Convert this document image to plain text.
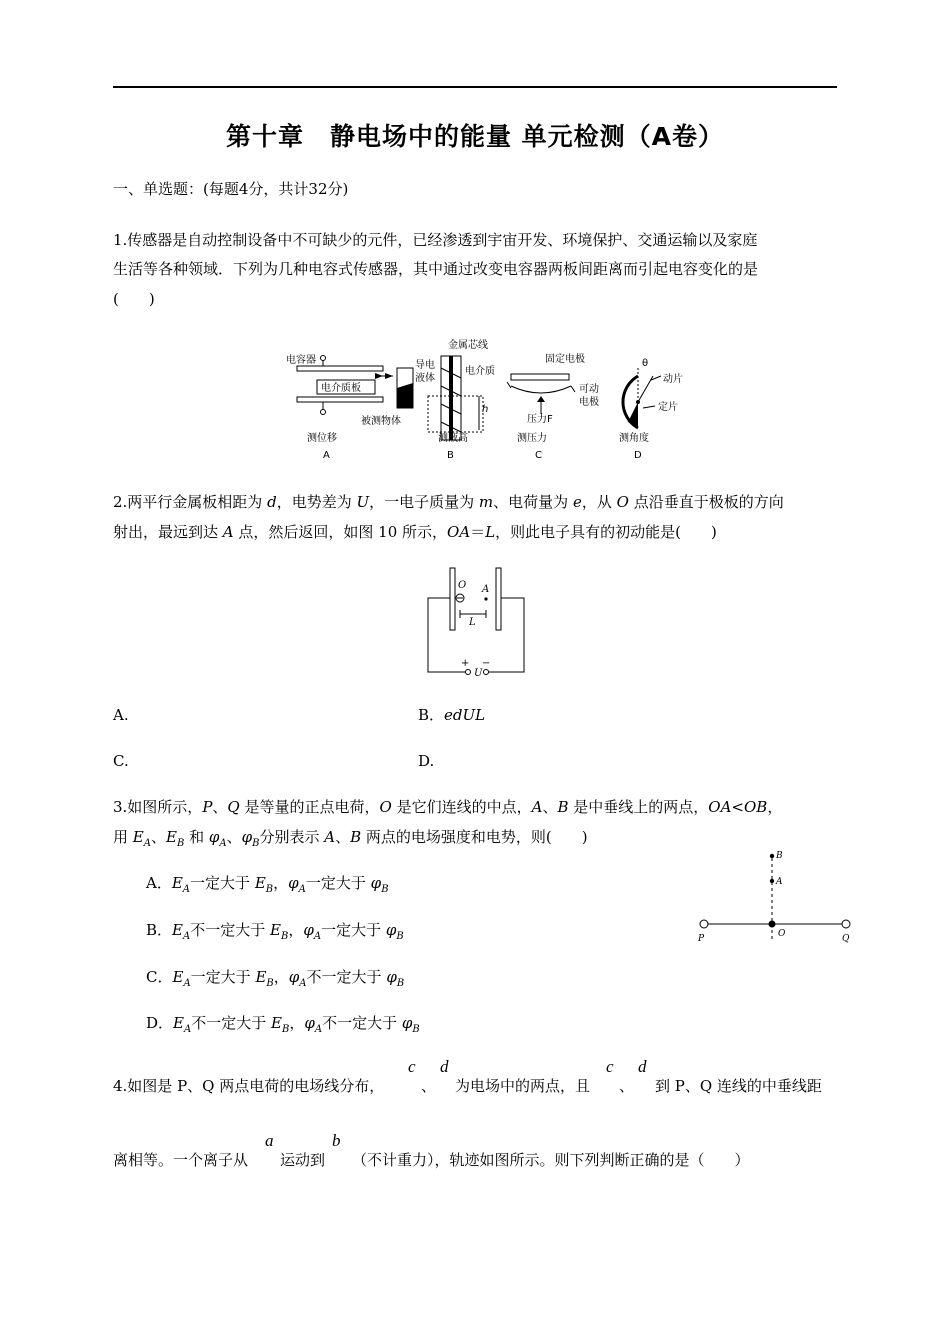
第十章　静电场中的能量 单元检测（A卷）
一、单选题：(每题4分，共计32分)
1.传感器是自动控制设备中不可缺少的元件，已经渗透到宇宙开发、环境保护、交通运输以及家庭
生活等各种领域．下列为几种电容式传感器，其中通过改变电容器两板间距离而引起电容变化的是
(　　)
电容器
电介质板
被测物体
测位移
A
金属芯线
导电
液体
电介质
h
测液高
B
固定电极
可动
电极
压力F
测压力
C
θ
动片
定片
测角度
D
2.两平行金属板相距为 d，电势差为 U，一电子质量为 m、电荷量为 e，从 O 点沿垂直于极板的方向
射出，最远到达 A 点，然后返回，如图 10 所示，OA＝L，则此电子具有的初动能是(　　)
O A
L
+
U
−
A.	B．edUL
C.	D.
3.如图所示，P、Q 是等量的正点电荷，O 是它们连线的中点，A、B 是中垂线上的两点，OA<OB，
用 $E_A$、$E_B$ 和 $\varphi_A$、$\varphi_B$分别表示 A、B 两点的电场强度和电势，则(　　)
A．$E_A$一定大于 $E_B$，$\varphi_A$一定大于 $\varphi_B$
B．$E_A$不一定大于 $E_B$，$\varphi_A$一定大于 $\varphi_B$
C．$E_A$一定大于 $E_B$，$\varphi_A$不一定大于 $\varphi_B$
D．$E_A$不一定大于 $E_B$，$\varphi_A$不一定大于 $\varphi_B$
B
A
P	O	Q
4.如图是 P、Q 两点电荷的电场线分布，
c
、
d
为电场中的两点，且
c
、
d
到 P、Q 连线的中垂线距
离相等。一个离子从
a
运动到
b
（不计重力），轨迹如图所示。则下列判断正确的是（　　）
